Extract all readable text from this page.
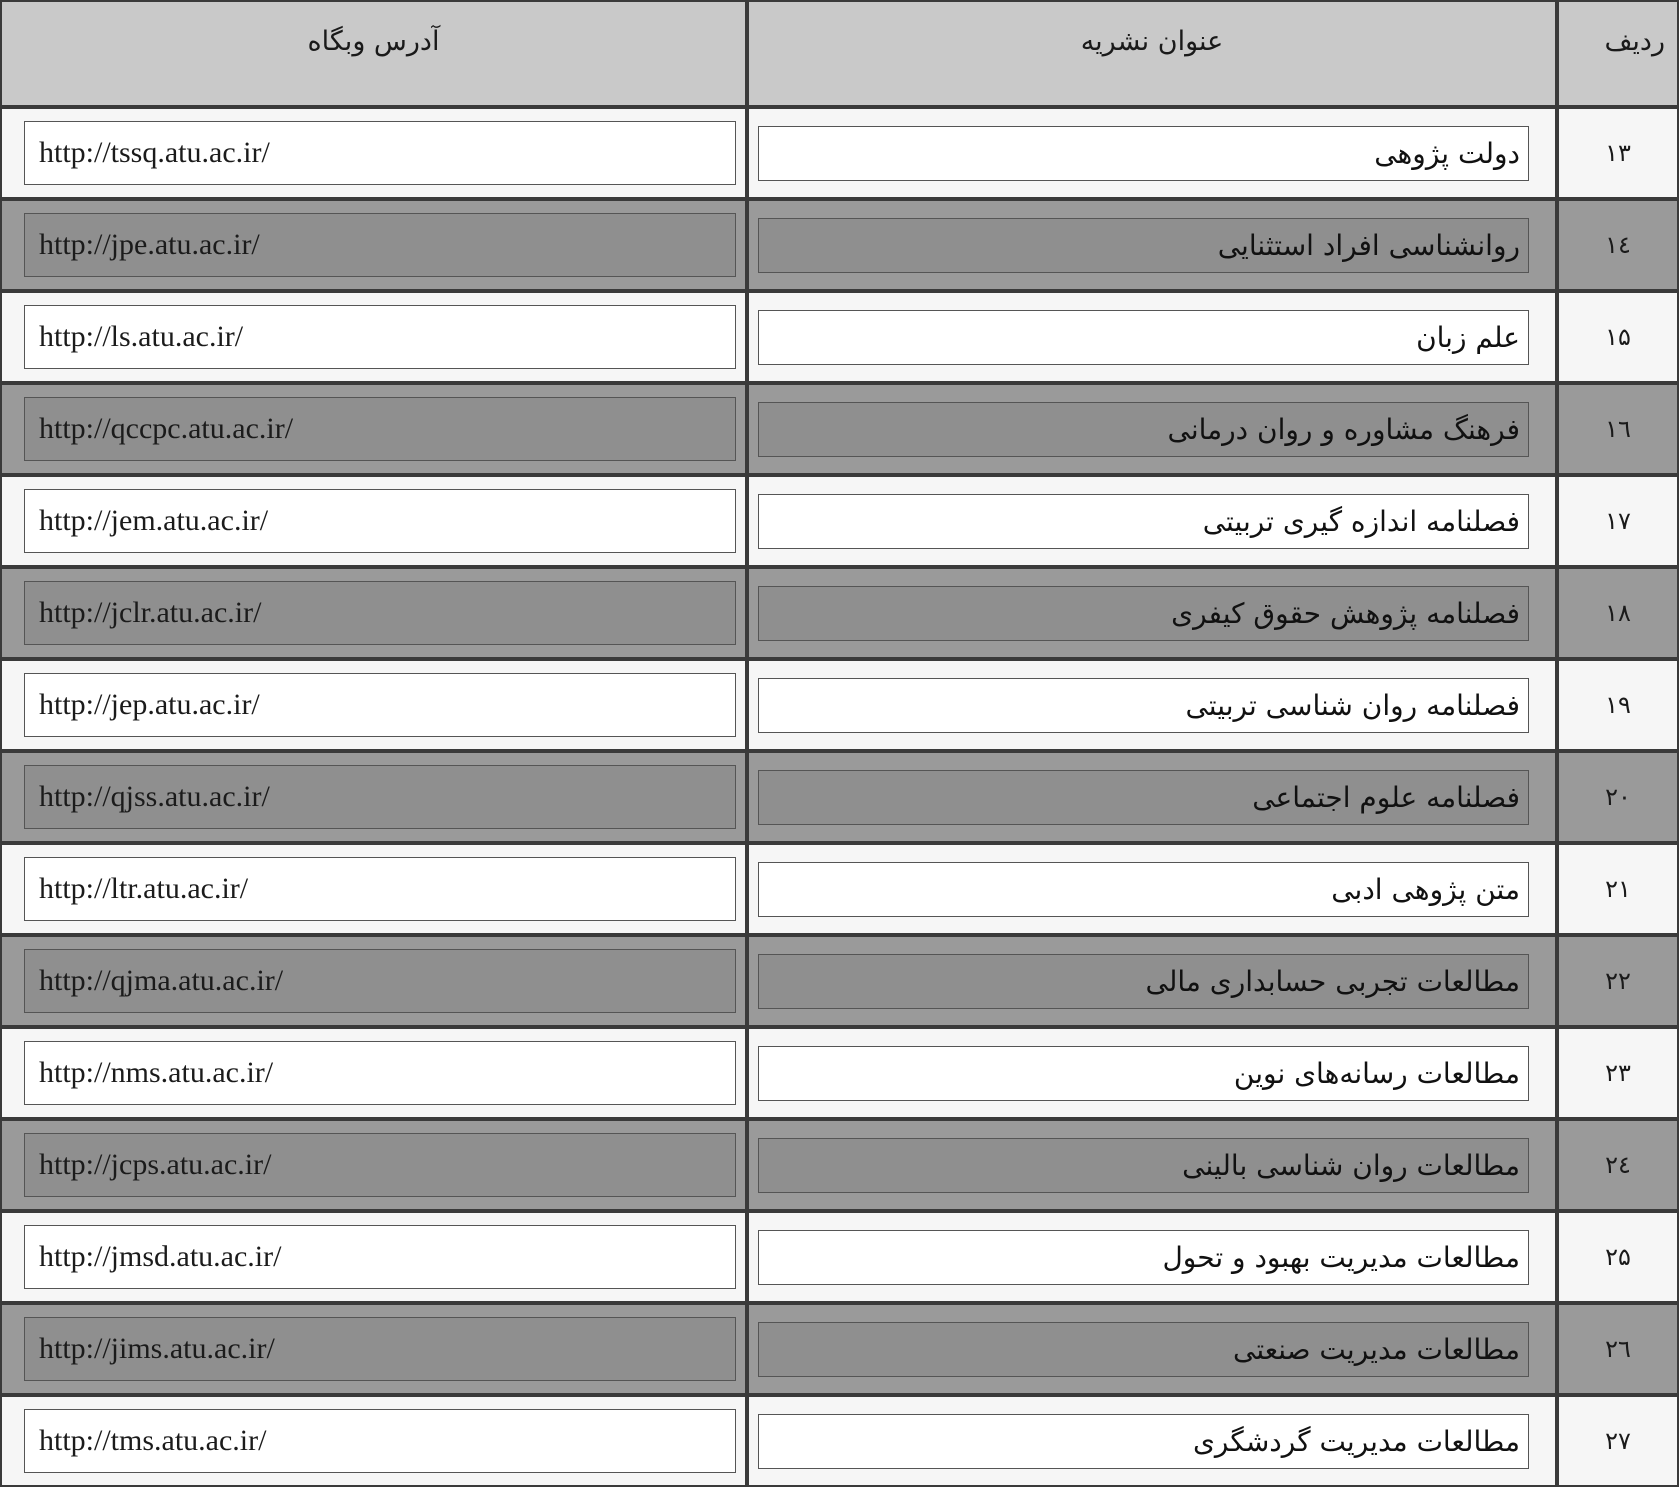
ردیف	عنوان نشریه	آدرس وبگاه
۱۳	دولت پژوهی	http://tssq.atu.ac.ir/

١٤	روانشناسی افراد استثنایی	http://jpe.atu.ac.ir/

۱۵	علم زبان	http://ls.atu.ac.ir/

١٦	فرهنگ مشاوره و روان درمانی	http://qccpc.atu.ac.ir/

۱۷	فصلنامه اندازه گیری تربیتی	http://jem.atu.ac.ir/

۱۸	فصلنامه پژوهش حقوق کیفری	http://jclr.atu.ac.ir/

۱۹	فصلنامه روان شناسی تربیتی	http://jep.atu.ac.ir/

۲۰	فصلنامه علوم اجتماعی	http://qjss.atu.ac.ir/

۲۱	متن پژوهی ادبی	http://ltr.atu.ac.ir/

۲۲	مطالعات تجربی حسابداری مالی	http://qjma.atu.ac.ir/

۲۳	مطالعات رسانه‌های نوین	http://nms.atu.ac.ir/

٢٤	مطالعات روان شناسی بالینی	http://jcps.atu.ac.ir/

۲۵	مطالعات مدیریت بهبود و تحول	http://jmsd.atu.ac.ir/

٢٦	مطالعات مدیریت صنعتی	http://jims.atu.ac.ir/

۲۷	مطالعات مدیریت گردشگری	http://tms.atu.ac.ir/
